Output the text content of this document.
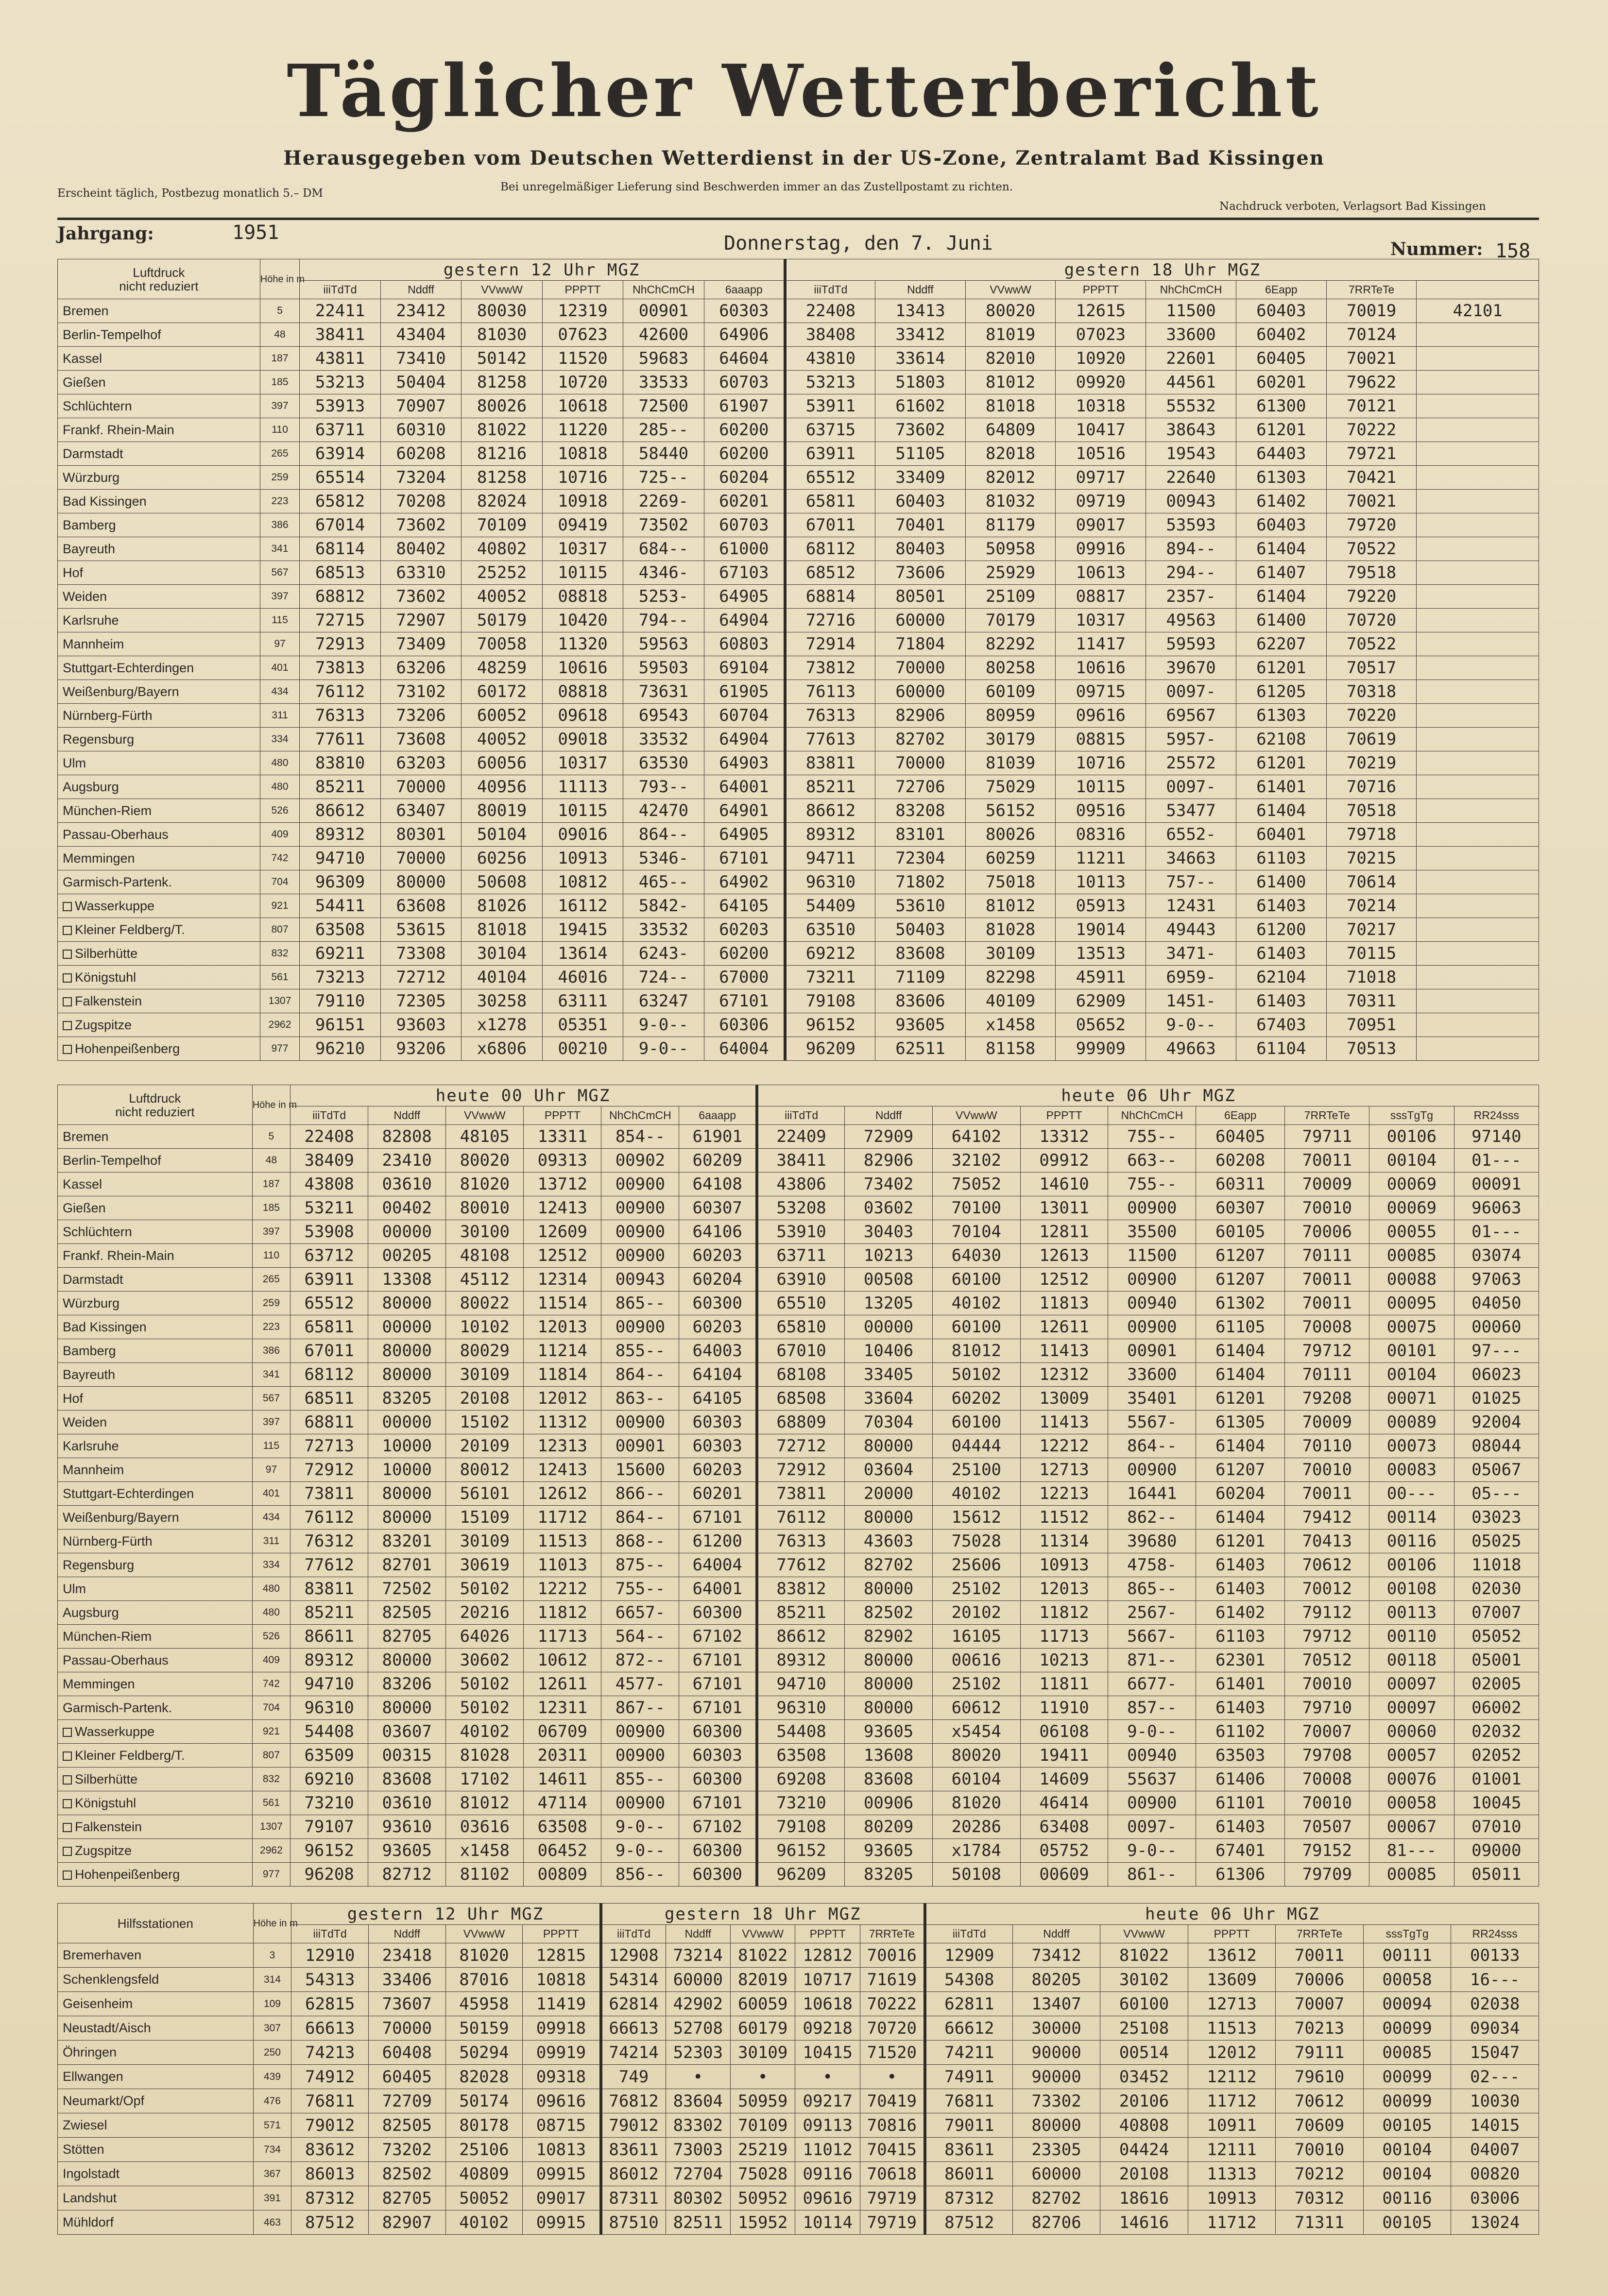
Täglicher Wetterbericht
Herausgegeben vom Deutschen Wetterdienst in der US-Zone, Zentralamt Bad Kissingen
Erscheint täglich, Postbezug monatlich 5.– DM	Bei unregelmäßiger Lieferung sind Beschwerden immer an das Zustellpostamt zu richten.
Nachdruck verboten, Verlagsort Bad Kissingen
Jahrgang:	1951	Donnerstag, den 7. Juni	Nummer: 158
Luftdruck
nicht reduziert	Höhe in m	gestern 12 Uhr MGZ						gestern 18 Uhr MGZ							
		iiiTdTd	Nddff	VVwwW	PPPTT	NhChCmCH	6aaapp	iiiTdTd	Nddff	VVwwW	PPPTT	NhChCmCH	6Eapp	7RRTeTe	
Bremen	5	22411	23412	80030	12319	00901	60303	22408	13413	80020	12615	11500	60403	70019	42101
Berlin-Tempelhof	48	38411	43404	81030	07623	42600	64906	38408	33412	81019	07023	33600	60402	70124	
Kassel	187	43811	73410	50142	11520	59683	64604	43810	33614	82010	10920	22601	60405	70021	
Gießen	185	53213	50404	81258	10720	33533	60703	53213	51803	81012	09920	44561	60201	79622	
Schlüchtern	397	53913	70907	80026	10618	72500	61907	53911	61602	81018	10318	55532	61300	70121	
Frankf. Rhein-Main	110	63711	60310	81022	11220	285--	60200	63715	73602	64809	10417	38643	61201	70222	
Darmstadt	265	63914	60208	81216	10818	58440	60200	63911	51105	82018	10516	19543	64403	79721	
Würzburg	259	65514	73204	81258	10716	725--	60204	65512	33409	82012	09717	22640	61303	70421	
Bad Kissingen	223	65812	70208	82024	10918	2269-	60201	65811	60403	81032	09719	00943	61402	70021	
Bamberg	386	67014	73602	70109	09419	73502	60703	67011	70401	81179	09017	53593	60403	79720	
Bayreuth	341	68114	80402	40802	10317	684--	61000	68112	80403	50958	09916	894--	61404	70522	
Hof	567	68513	63310	25252	10115	4346-	67103	68512	73606	25929	10613	294--	61407	79518	
Weiden	397	68812	73602	40052	08818	5253-	64905	68814	80501	25109	08817	2357-	61404	79220	
Karlsruhe	115	72715	72907	50179	10420	794--	64904	72716	60000	70179	10317	49563	61400	70720	
Mannheim	97	72913	73409	70058	11320	59563	60803	72914	71804	82292	11417	59593	62207	70522	
Stuttgart-Echterdingen	401	73813	63206	48259	10616	59503	69104	73812	70000	80258	10616	39670	61201	70517	
Weißenburg/Bayern	434	76112	73102	60172	08818	73631	61905	76113	60000	60109	09715	0097-	61205	70318	
Nürnberg-Fürth	311	76313	73206	60052	09618	69543	60704	76313	82906	80959	09616	69567	61303	70220	
Regensburg	334	77611	73608	40052	09018	33532	64904	77613	82702	30179	08815	5957-	62108	70619	
Ulm	480	83810	63203	60056	10317	63530	64903	83811	70000	81039	10716	25572	61201	70219	
Augsburg	480	85211	70000	40956	11113	793--	64001	85211	72706	75029	10115	0097-	61401	70716	
München-Riem	526	86612	63407	80019	10115	42470	64901	86612	83208	56152	09516	53477	61404	70518	
Passau-Oberhaus	409	89312	80301	50104	09016	864--	64905	89312	83101	80026	08316	6552-	60401	79718	
Memmingen	742	94710	70000	60256	10913	5346-	67101	94711	72304	60259	11211	34663	61103	70215	
Garmisch-Partenk.	704	96309	80000	50608	10812	465--	64902	96310	71802	75018	10113	757--	61400	70614	
Wasserkuppe	921	54411	63608	81026	16112	5842-	64105	54409	53610	81012	05913	12431	61403	70214	
Kleiner Feldberg/T.	807	63508	53615	81018	19415	33532	60203	63510	50403	81028	19014	49443	61200	70217	
Silberhütte	832	69211	73308	30104	13614	6243-	60200	69212	83608	30109	13513	3471-	61403	70115	
Königstuhl	561	73213	72712	40104	46016	724--	67000	73211	71109	82298	45911	6959-	62104	71018	
Falkenstein	1307	79110	72305	30258	63111	63247	67101	79108	83606	40109	62909	1451-	61403	70311	
Zugspitze	2962	96151	93603	x1278	05351	9-0--	60306	96152	93605	x1458	05652	9-0--	67403	70951	
Hohenpeißenberg	977	96210	93206	x6806	00210	9-0--	64004	96209	62511	81158	99909	49663	61104	70513	
Luftdruck
nicht reduziert	Höhe in m	heute 00 Uhr MGZ						heute 06 Uhr MGZ								
		iiiTdTd	Nddff	VVwwW	PPPTT	NhChCmCH	6aaapp	iiiTdTd	Nddff	VVwwW	PPPTT	NhChCmCH	6Eapp	7RRTeTe	sssTgTg	RR24sss
Bremen	5	22408	82808	48105	13311	854--	61901	22409	72909	64102	13312	755--	60405	79711	00106	97140
Berlin-Tempelhof	48	38409	23410	80020	09313	00902	60209	38411	82906	32102	09912	663--	60208	70011	00104	01---
Kassel	187	43808	03610	81020	13712	00900	64108	43806	73402	75052	14610	755--	60311	70009	00069	00091
Gießen	185	53211	00402	80010	12413	00900	60307	53208	03602	70100	13011	00900	60307	70010	00069	96063
Schlüchtern	397	53908	00000	30100	12609	00900	64106	53910	30403	70104	12811	35500	60105	70006	00055	01---
Frankf. Rhein-Main	110	63712	00205	48108	12512	00900	60203	63711	10213	64030	12613	11500	61207	70111	00085	03074
Darmstadt	265	63911	13308	45112	12314	00943	60204	63910	00508	60100	12512	00900	61207	70011	00088	97063
Würzburg	259	65512	80000	80022	11514	865--	60300	65510	13205	40102	11813	00940	61302	70011	00095	04050
Bad Kissingen	223	65811	00000	10102	12013	00900	60203	65810	00000	60100	12611	00900	61105	70008	00075	00060
Bamberg	386	67011	80000	80029	11214	855--	64003	67010	10406	81012	11413	00901	61404	79712	00101	97---
Bayreuth	341	68112	80000	30109	11814	864--	64104	68108	33405	50102	12312	33600	61404	70111	00104	06023
Hof	567	68511	83205	20108	12012	863--	64105	68508	33604	60202	13009	35401	61201	79208	00071	01025
Weiden	397	68811	00000	15102	11312	00900	60303	68809	70304	60100	11413	5567-	61305	70009	00089	92004
Karlsruhe	115	72713	10000	20109	12313	00901	60303	72712	80000	04444	12212	864--	61404	70110	00073	08044
Mannheim	97	72912	10000	80012	12413	15600	60203	72912	03604	25100	12713	00900	61207	70010	00083	05067
Stuttgart-Echterdingen	401	73811	80000	56101	12612	866--	60201	73811	20000	40102	12213	16441	60204	70011	00---	05---
Weißenburg/Bayern	434	76112	80000	15109	11712	864--	67101	76112	80000	15612	11512	862--	61404	79412	00114	03023
Nürnberg-Fürth	311	76312	83201	30109	11513	868--	61200	76313	43603	75028	11314	39680	61201	70413	00116	05025
Regensburg	334	77612	82701	30619	11013	875--	64004	77612	82702	25606	10913	4758-	61403	70612	00106	11018
Ulm	480	83811	72502	50102	12212	755--	64001	83812	80000	25102	12013	865--	61403	70012	00108	02030
Augsburg	480	85211	82505	20216	11812	6657-	60300	85211	82502	20102	11812	2567-	61402	79112	00113	07007
München-Riem	526	86611	82705	64026	11713	564--	67102	86612	82902	16105	11713	5667-	61103	79712	00110	05052
Passau-Oberhaus	409	89312	80000	30602	10612	872--	67101	89312	80000	00616	10213	871--	62301	70512	00118	05001
Memmingen	742	94710	83206	50102	12611	4577-	67101	94710	80000	25102	11811	6677-	61401	70010	00097	02005
Garmisch-Partenk.	704	96310	80000	50102	12311	867--	67101	96310	80000	60612	11910	857--	61403	79710	00097	06002
Wasserkuppe	921	54408	03607	40102	06709	00900	60300	54408	93605	x5454	06108	9-0--	61102	70007	00060	02032
Kleiner Feldberg/T.	807	63509	00315	81028	20311	00900	60303	63508	13608	80020	19411	00940	63503	79708	00057	02052
Silberhütte	832	69210	83608	17102	14611	855--	60300	69208	83608	60104	14609	55637	61406	70008	00076	01001
Königstuhl	561	73210	03610	81012	47114	00900	67101	73210	00906	81020	46414	00900	61101	70010	00058	10045
Falkenstein	1307	79107	93610	03616	63508	9-0--	67102	79108	80209	20286	63408	0097-	61403	70507	00067	07010
Zugspitze	2962	96152	93605	x1458	06452	9-0--	60300	96152	93605	x1784	05752	9-0--	67401	79152	81---	09000
Hohenpeißenberg	977	96208	82712	81102	00809	856--	60300	96209	83205	50108	00609	861--	61306	79709	00085	05011
Hilfsstationen	Höhe in m	gestern 12 Uhr MGZ				gestern 18 Uhr MGZ					heute 06 Uhr MGZ						
		iiiTdTd	Nddff	VVwwW	PPPTT	iiiTdTd	Nddff	VVwwW	PPPTT	7RRTeTe	iiiTdTd	Nddff	VVwwW	PPPTT	7RRTeTe	sssTgTg	RR24sss
Bremerhaven	3	12910	23418	81020	12815	12908	73214	81022	12812	70016	12909	73412	81022	13612	70011	00111	00133
Schenklengsfeld	314	54313	33406	87016	10818	54314	60000	82019	10717	71619	54308	80205	30102	13609	70006	00058	16---
Geisenheim	109	62815	73607	45958	11419	62814	42902	60059	10618	70222	62811	13407	60100	12713	70007	00094	02038
Neustadt/Aisch	307	66613	70000	50159	09918	66613	52708	60179	09218	70720	66612	30000	25108	11513	70213	00099	09034
Öhringen	250	74213	60408	50294	09919	74214	52303	30109	10415	71520	74211	90000	00514	12012	79111	00085	15047
Ellwangen	439	74912	60405	82028	09318	749	•	•	•	•	74911	90000	03452	12112	79610	00099	02---
Neumarkt/Opf	476	76811	72709	50174	09616	76812	83604	50959	09217	70419	76811	73302	20106	11712	70612	00099	10030
Zwiesel	571	79012	82505	80178	08715	79012	83302	70109	09113	70816	79011	80000	40808	10911	70609	00105	14015
Stötten	734	83612	73202	25106	10813	83611	73003	25219	11012	70415	83611	23305	04424	12111	70010	00104	04007
Ingolstadt	367	86013	82502	40809	09915	86012	72704	75028	09116	70618	86011	60000	20108	11313	70212	00104	00820
Landshut	391	87312	82705	50052	09017	87311	80302	50952	09616	79719	87312	82702	18616	10913	70312	00116	03006
Mühldorf	463	87512	82907	40102	09915	87510	82511	15952	10114	79719	87512	82706	14616	11712	71311	00105	13024
